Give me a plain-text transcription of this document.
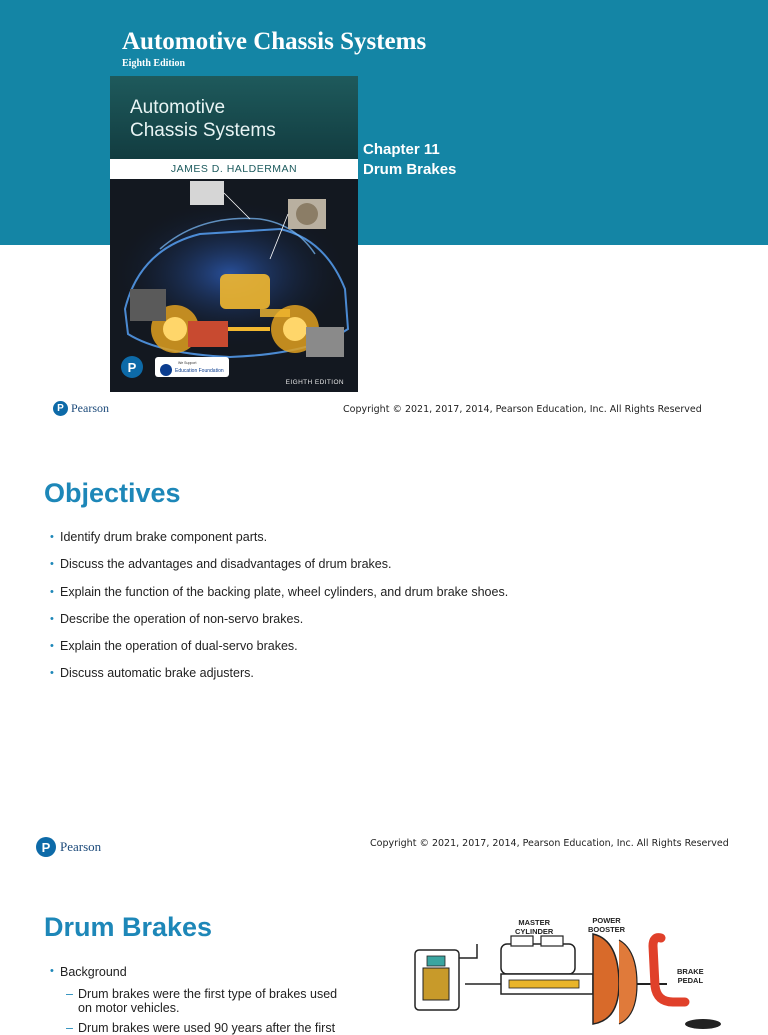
Automotive Chassis Systems
Eighth Edition
Chapter 11
Drum Brakes
Automotive
Chassis Systems
JAMES D. HALDERMAN
P	We Support
Education Foundation
EIGHTH EDITION
P Pearson	Copyright © 2021, 2017, 2014, Pearson Education, Inc. All Rights Reserved
Objectives
• Identify drum brake component parts.
• Discuss the advantages and disadvantages of drum brakes.
• Explain the function of the backing plate, wheel cylinders, and drum brake shoes.
• Describe the operation of non-servo brakes.
• Explain the operation of dual-servo brakes.
• Discuss automatic brake adjusters.
P Pearson	Copyright © 2021, 2017, 2014, Pearson Education, Inc. All Rights Reserved
Drum Brakes
• Background
– Drum brakes were the first type of brakes used
on motor vehicles.
– Drum brakes were used 90 years after the first
MASTER
CYLINDER
POWER
BOOSTER
BRAKE
PEDAL
